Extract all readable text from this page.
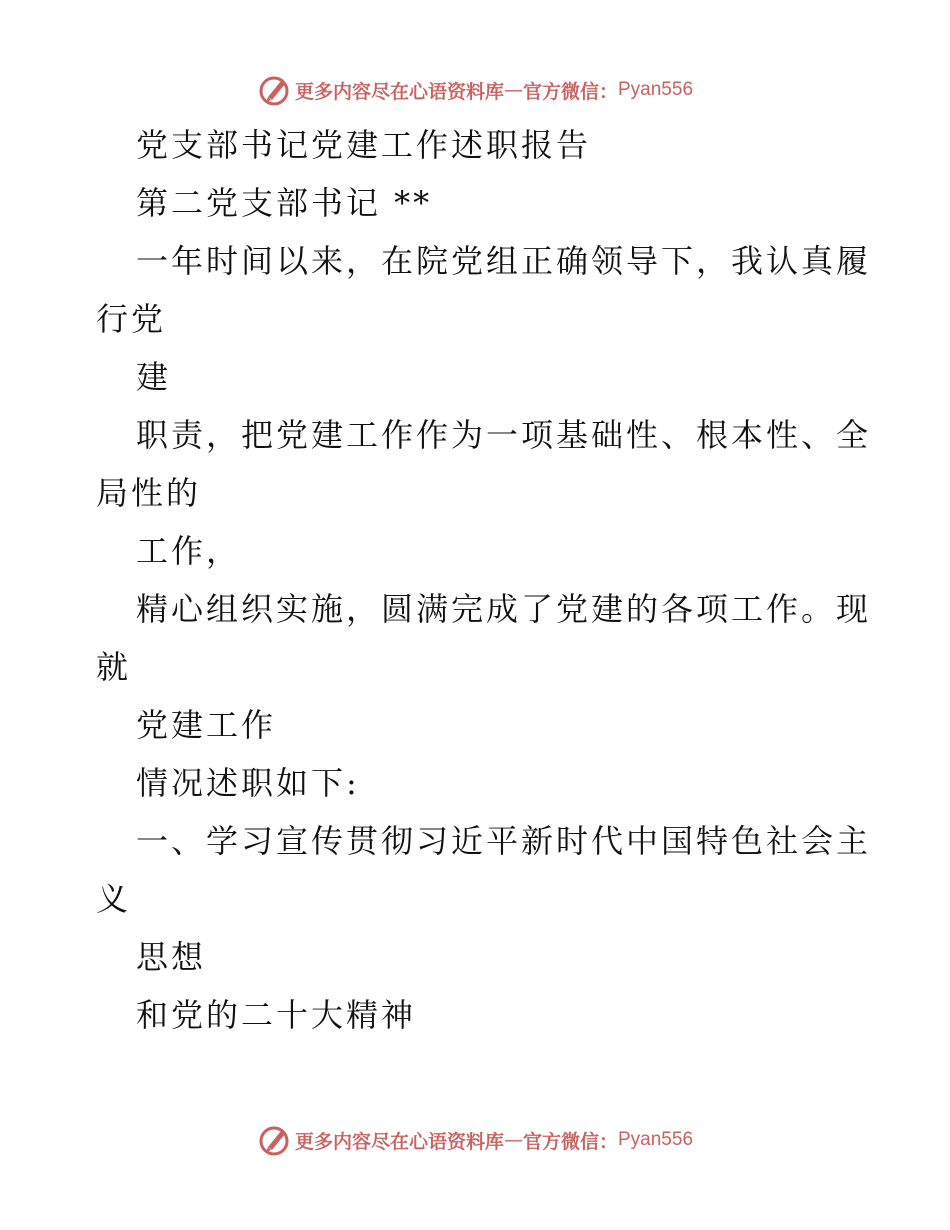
更多内容尽在心语资料库 — 官方微信： Pyan556
党支部书记党建工作述职报告
第二党支部书记 **
一年时间以来，在院党组正确领导下，我认真履
行党
建
职责，把党建工作作为一项基础性、根本性、全
局性的
工作，
精心组织实施，圆满完成了党建的各项工作。现
就
党建工作
情况述职如下:
一、学习宣传贯彻习近平新时代中国特色社会主
义
思想
和党的二十大精神
更多内容尽在心语资料库 — 官方微信： Pyan556
